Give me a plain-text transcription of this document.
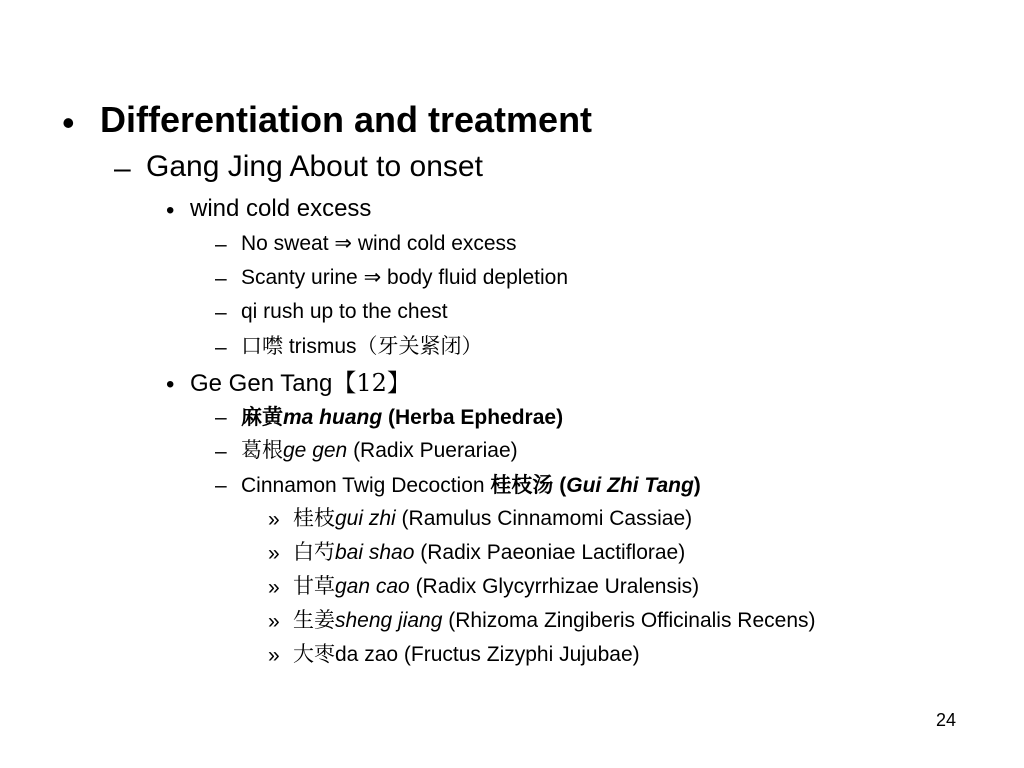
• Differentiation and treatment
– Gang Jing About to onset
• wind cold excess
– No sweat ⇒ wind cold excess
– Scanty urine ⇒ body fluid depletion
– qi rush up to the chest
– 口噤 trismus（牙关紧闭）
• Ge Gen Tang【12】
– 麻黄ma huang (Herba Ephedrae)
– 葛根ge gen (Radix Puerariae)
– Cinnamon Twig Decoction 桂枝汤 (Gui Zhi Tang)
» 桂枝gui zhi (Ramulus Cinnamomi Cassiae)
» 白芍bai shao (Radix Paeoniae Lactiflorae)
» 甘草gan cao (Radix Glycyrrhizae Uralensis)
» 生姜sheng jiang (Rhizoma Zingiberis Officinalis Recens)
» 大枣da zao (Fructus Zizyphi Jujubae)
24
